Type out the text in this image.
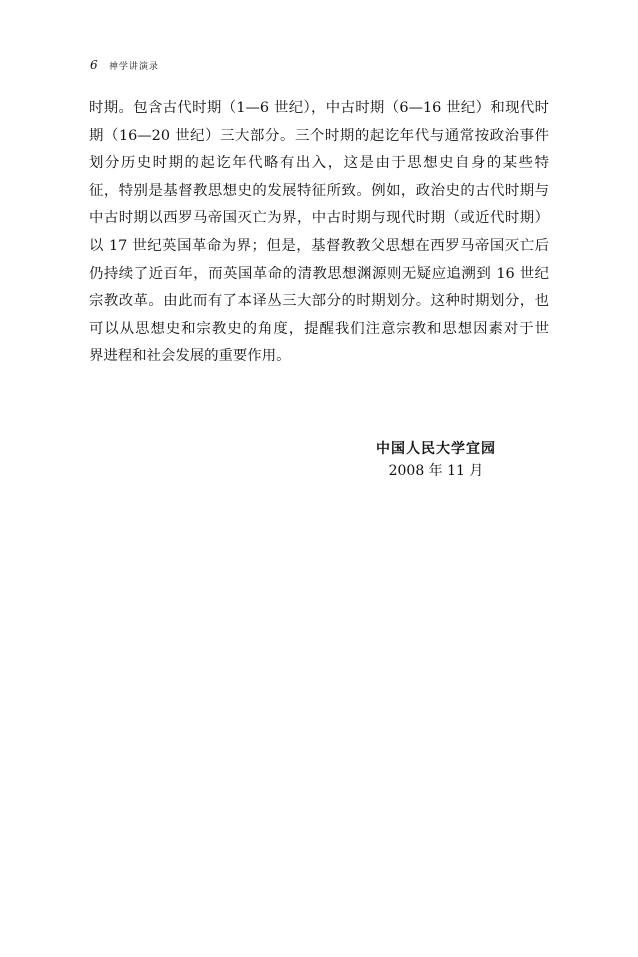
6 神学讲演录
时期。包含古代时期（1—6 世纪），中古时期（6—16 世纪）和现代时
期（16—20 世纪）三大部分。三个时期的起讫年代与通常按政治事件
划分历史时期的起讫年代略有出入，这是由于思想史自身的某些特
征，特别是基督教思想史的发展特征所致。例如，政治史的古代时期与
中古时期以西罗马帝国灭亡为界，中古时期与现代时期（或近代时期）
以 17 世纪英国革命为界；但是，基督教教父思想在西罗马帝国灭亡后
仍持续了近百年，而英国革命的清教思想渊源则无疑应追溯到 16 世纪
宗教改革。由此而有了本译丛三大部分的时期划分。这种时期划分，也
可以从思想史和宗教史的角度，提醒我们注意宗教和思想因素对于世
界进程和社会发展的重要作用。
中国人民大学宜园
2008 年 11 月
